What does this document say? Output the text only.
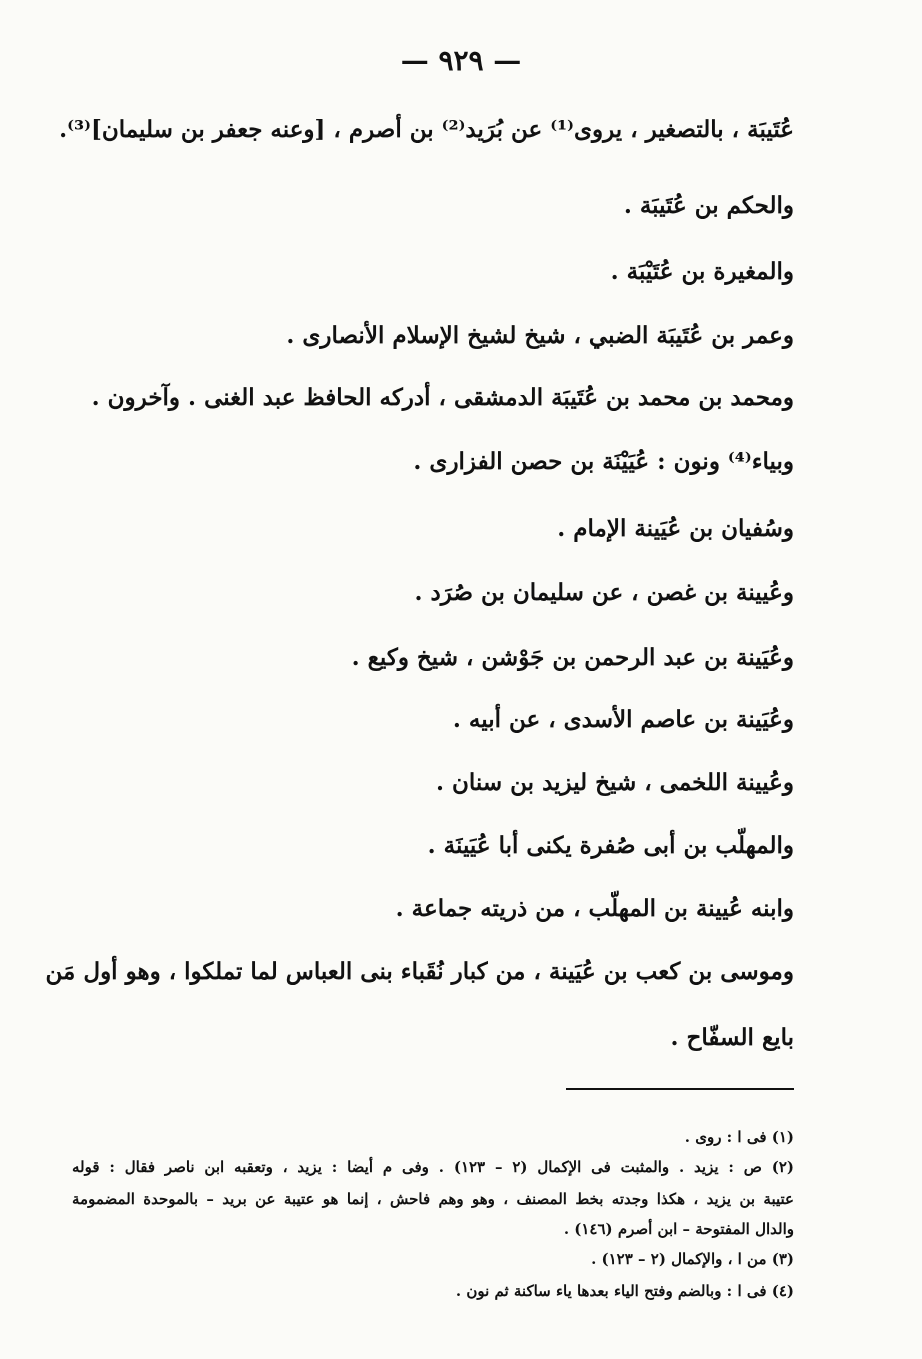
— ٩٢٩ —
عُتَيبَة ، بالتصغير ، يروى⁽¹⁾ عن بُرَيد⁽²⁾ بن أصرم ، [وعنه جعفر بن سليمان]⁽³⁾.
والحكم بن عُتَيبَة .
والمغيرة بن عُتَيْبَة .
وعمر بن عُتَيبَة الضبي ، شيخ لشيخ الإسلام الأنصارى .
ومحمد بن محمد بن عُتَيبَة الدمشقى ، أدركه الحافظ عبد الغنى . وآخرون .
وبياء⁽⁴⁾ ونون : عُيَيْنَة بن حصن الفزارى .
وسُفيان بن عُيَينة الإمام .
وعُيينة بن غصن ، عن سليمان بن صُرَد .
وعُيَينة بن عبد الرحمن بن جَوْشن ، شيخ وكيع .
وعُيَينة بن عاصم الأسدى ، عن أبيه .
وعُيينة اللخمى ، شيخ ليزيد بن سنان .
والمهلّب بن أبى صُفرة يكنى أبا عُيَينَة .
وابنه عُيينة بن المهلّب ، من ذريته جماعة .
وموسى بن كعب بن عُيَينة ، من كبار نُقَباء بنى العباس لما تملكوا ، وهو أول مَن
بايع السفّاح .
(١) فى ا : روى .
(٢) ص : يزيد . والمثبت فى الإكمال (٢ – ١٢٣) . وفى م أيضا : يزيد ، وتعقبه ابن ناصر فقال : قوله
عتيبة بن يزيد ، هكذا وجدته بخط المصنف ، وهو وهم فاحش ، إنما هو عتيبة عن بريد – بالموحدة المضمومة
والدال المفتوحة – ابن أصرم (١٤٦) .
(٣) من ا ، والإكمال (٢ – ١٢٣) .
(٤) فى ا : وبالضم وفتح الياء بعدها ياء ساكنة ثم نون .
